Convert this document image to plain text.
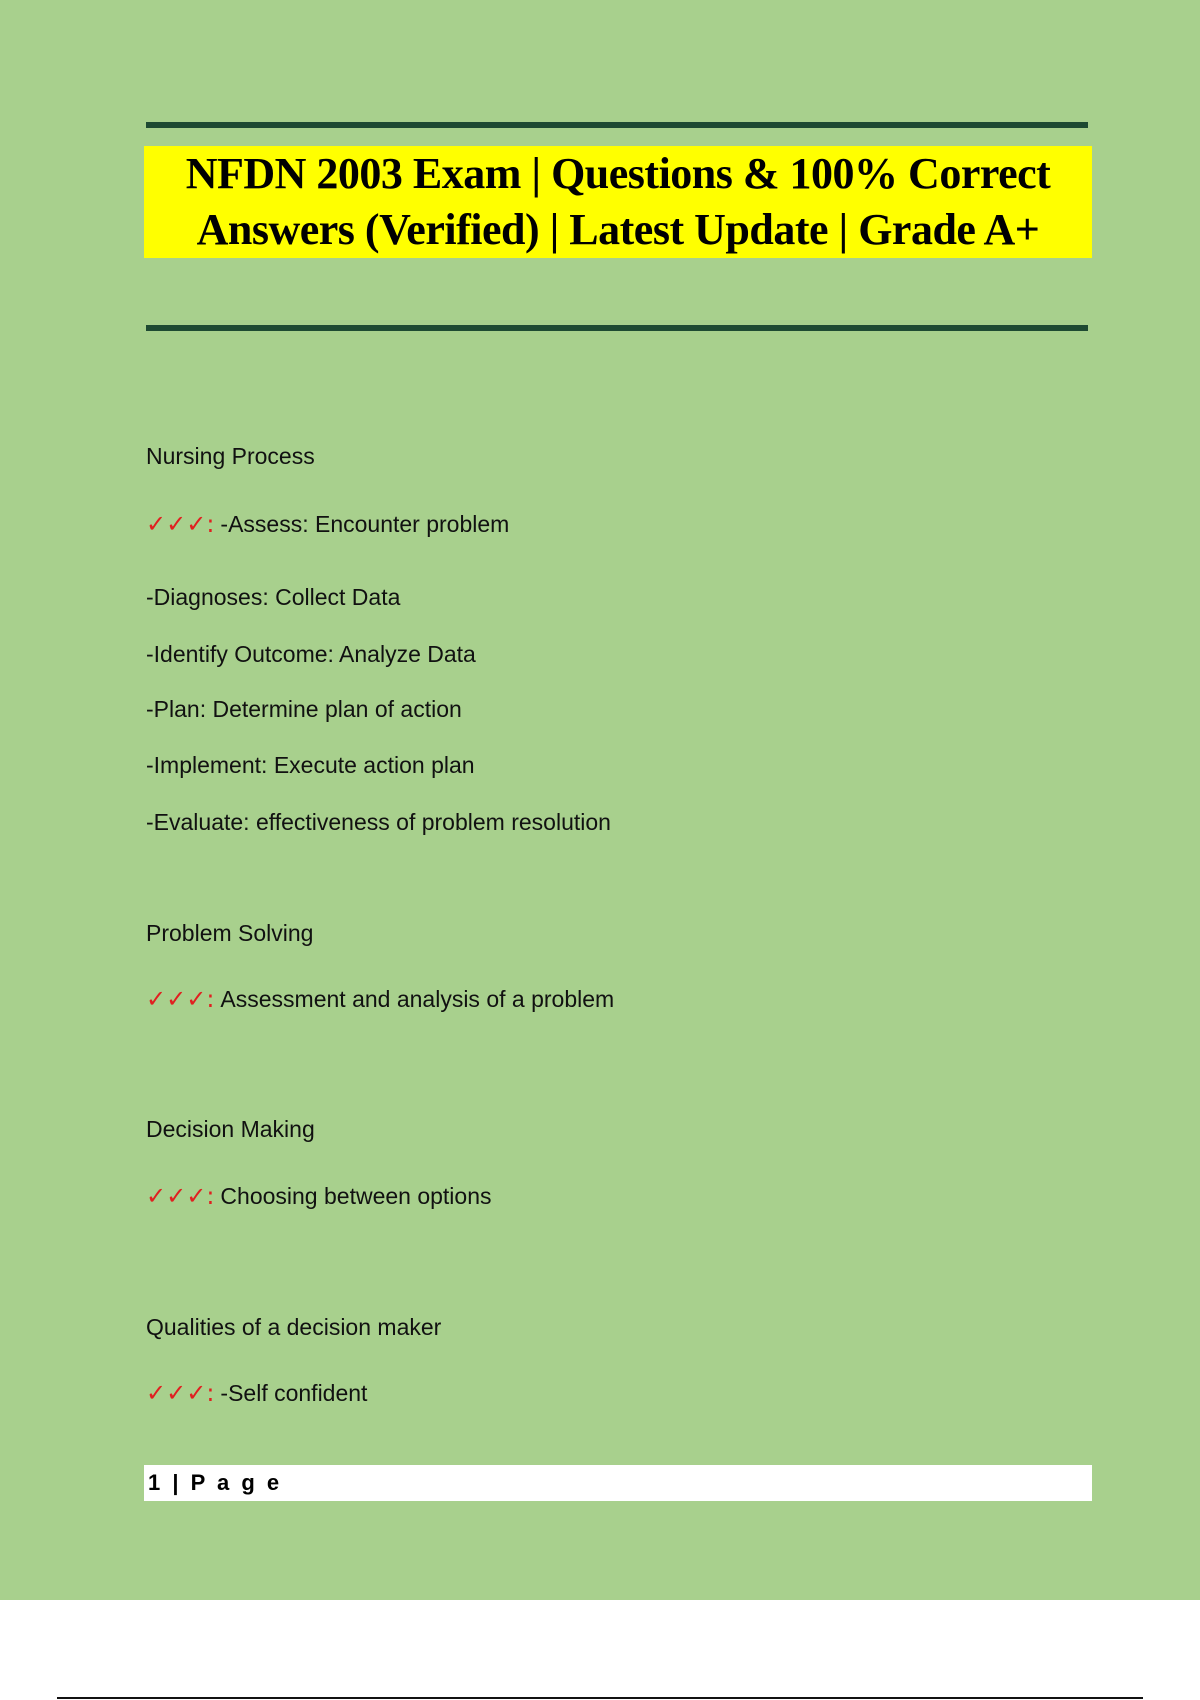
NFDN 2003 Exam | Questions & 100% Correct
Answers (Verified) | Latest Update | Grade A+
Nursing Process
✓✓✓: -Assess: Encounter problem
-Diagnoses: Collect Data
-Identify Outcome: Analyze Data
-Plan: Determine plan of action
-Implement: Execute action plan
-Evaluate: effectiveness of problem resolution
Problem Solving
✓✓✓: Assessment and analysis of a problem
Decision Making
✓✓✓: Choosing between options
Qualities of a decision maker
✓✓✓: -Self confident
1 | P a g e
